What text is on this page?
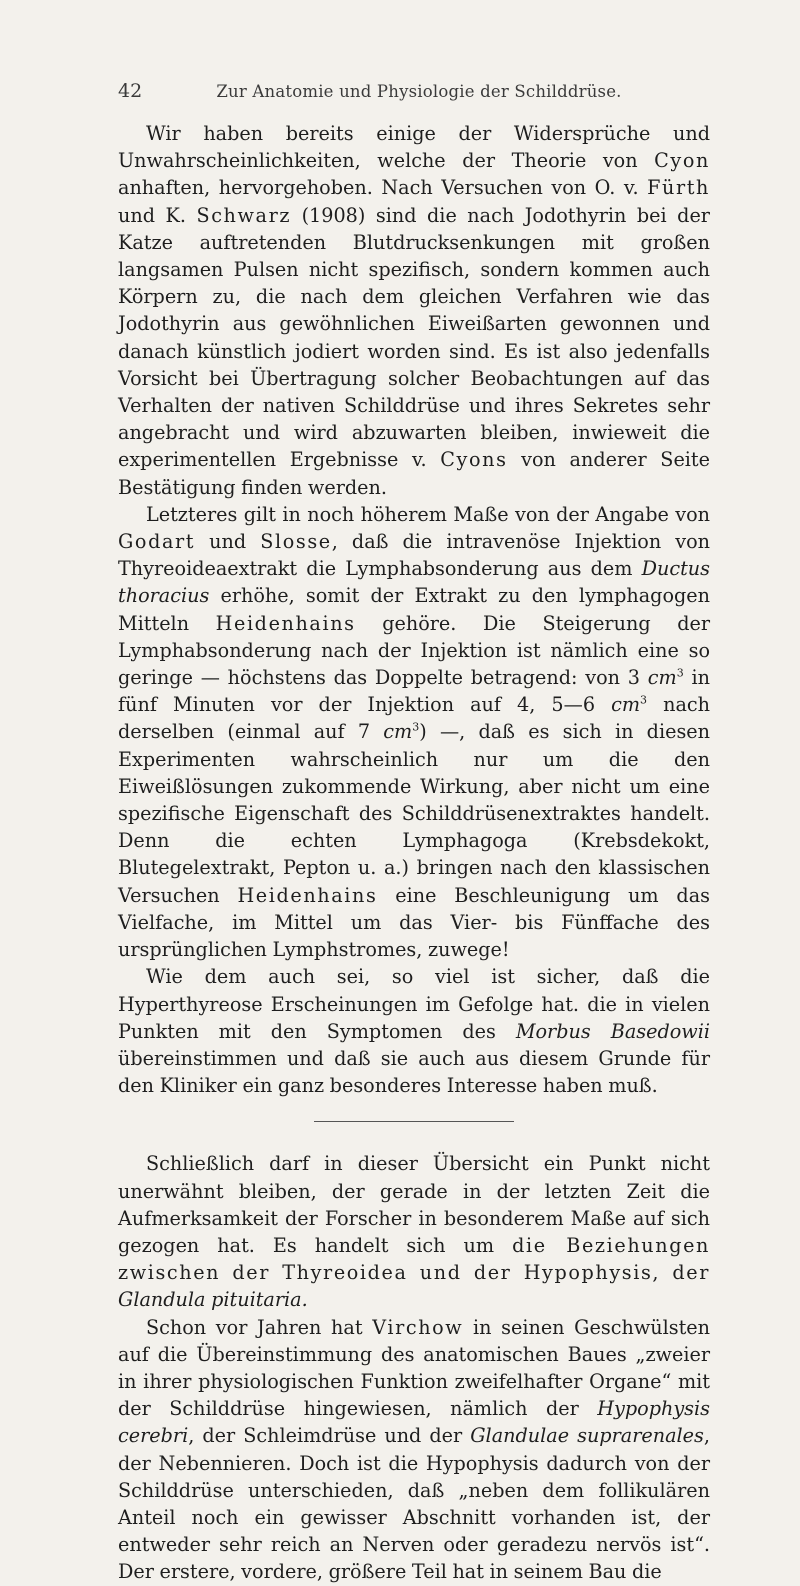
42	Zur Anatomie und Physiologie der Schilddrüse.

Wir haben bereits einige der Widersprüche und Unwahrscheinlichkeiten, welche der Theorie von Cyon anhaften, hervorgehoben. Nach Versuchen von O. v. Fürth und K. Schwarz (1908) sind die nach Jodothyrin bei der Katze auftretenden Blutdrucksenkungen mit großen langsamen Pulsen nicht spezifisch, sondern kommen auch Körpern zu, die nach dem gleichen Verfahren wie das Jodothyrin aus gewöhnlichen Eiweißarten gewonnen und danach künstlich jodiert worden sind. Es ist also jedenfalls Vorsicht bei Übertragung solcher Beobachtungen auf das Verhalten der nativen Schilddrüse und ihres Sekretes sehr angebracht und wird abzuwarten bleiben, inwieweit die experimentellen Ergebnisse v. Cyons von anderer Seite Bestätigung finden werden.

Letzteres gilt in noch höherem Maße von der Angabe von Godart und Slosse, daß die intravenöse Injektion von Thyreoideaextrakt die Lymphabsonderung aus dem Ductus thoracius erhöhe, somit der Extrakt zu den lymphagogen Mitteln Heidenhains gehöre. Die Steigerung der Lymphabsonderung nach der Injektion ist nämlich eine so geringe — höchstens das Doppelte betragend: von 3 $cm^3$ in fünf Minuten vor der Injektion auf 4, 5—6 $cm^3$ nach derselben (einmal auf 7 $cm^3$) —, daß es sich in diesen Experimenten wahrscheinlich nur um die den Eiweißlösungen zukommende Wirkung, aber nicht um eine spezifische Eigenschaft des Schilddrüsenextraktes handelt. Denn die echten Lymphagoga (Krebsdekokt, Blutegelextrakt, Pepton u. a.) bringen nach den klassischen Versuchen Heidenhains eine Beschleunigung um das Vielfache, im Mittel um das Vier- bis Fünffache des ursprünglichen Lymphstromes, zuwege!

Wie dem auch sei, so viel ist sicher, daß die Hyperthyreose Erscheinungen im Gefolge hat. die in vielen Punkten mit den Symptomen des Morbus Basedowii übereinstimmen und daß sie auch aus diesem Grunde für den Kliniker ein ganz besonderes Interesse haben muß.

Schließlich darf in dieser Übersicht ein Punkt nicht unerwähnt bleiben, der gerade in der letzten Zeit die Aufmerksamkeit der Forscher in besonderem Maße auf sich gezogen hat. Es handelt sich um die Beziehungen zwischen der Thyreoidea und der Hypophysis, der Glandula pituitaria.

Schon vor Jahren hat Virchow in seinen Geschwülsten auf die Übereinstimmung des anatomischen Baues „zweier in ihrer physiologischen Funktion zweifelhafter Organe“ mit der Schilddrüse hingewiesen, nämlich der Hypophysis cerebri, der Schleimdrüse und der Glandulae suprarenales, der Nebennieren. Doch ist die Hypophysis dadurch von der Schilddrüse unterschieden, daß „neben dem follikulären Anteil noch ein gewisser Abschnitt vorhanden ist, der entweder sehr reich an Nerven oder geradezu nervös ist“. Der erstere, vordere, größere Teil hat in seinem Bau die
